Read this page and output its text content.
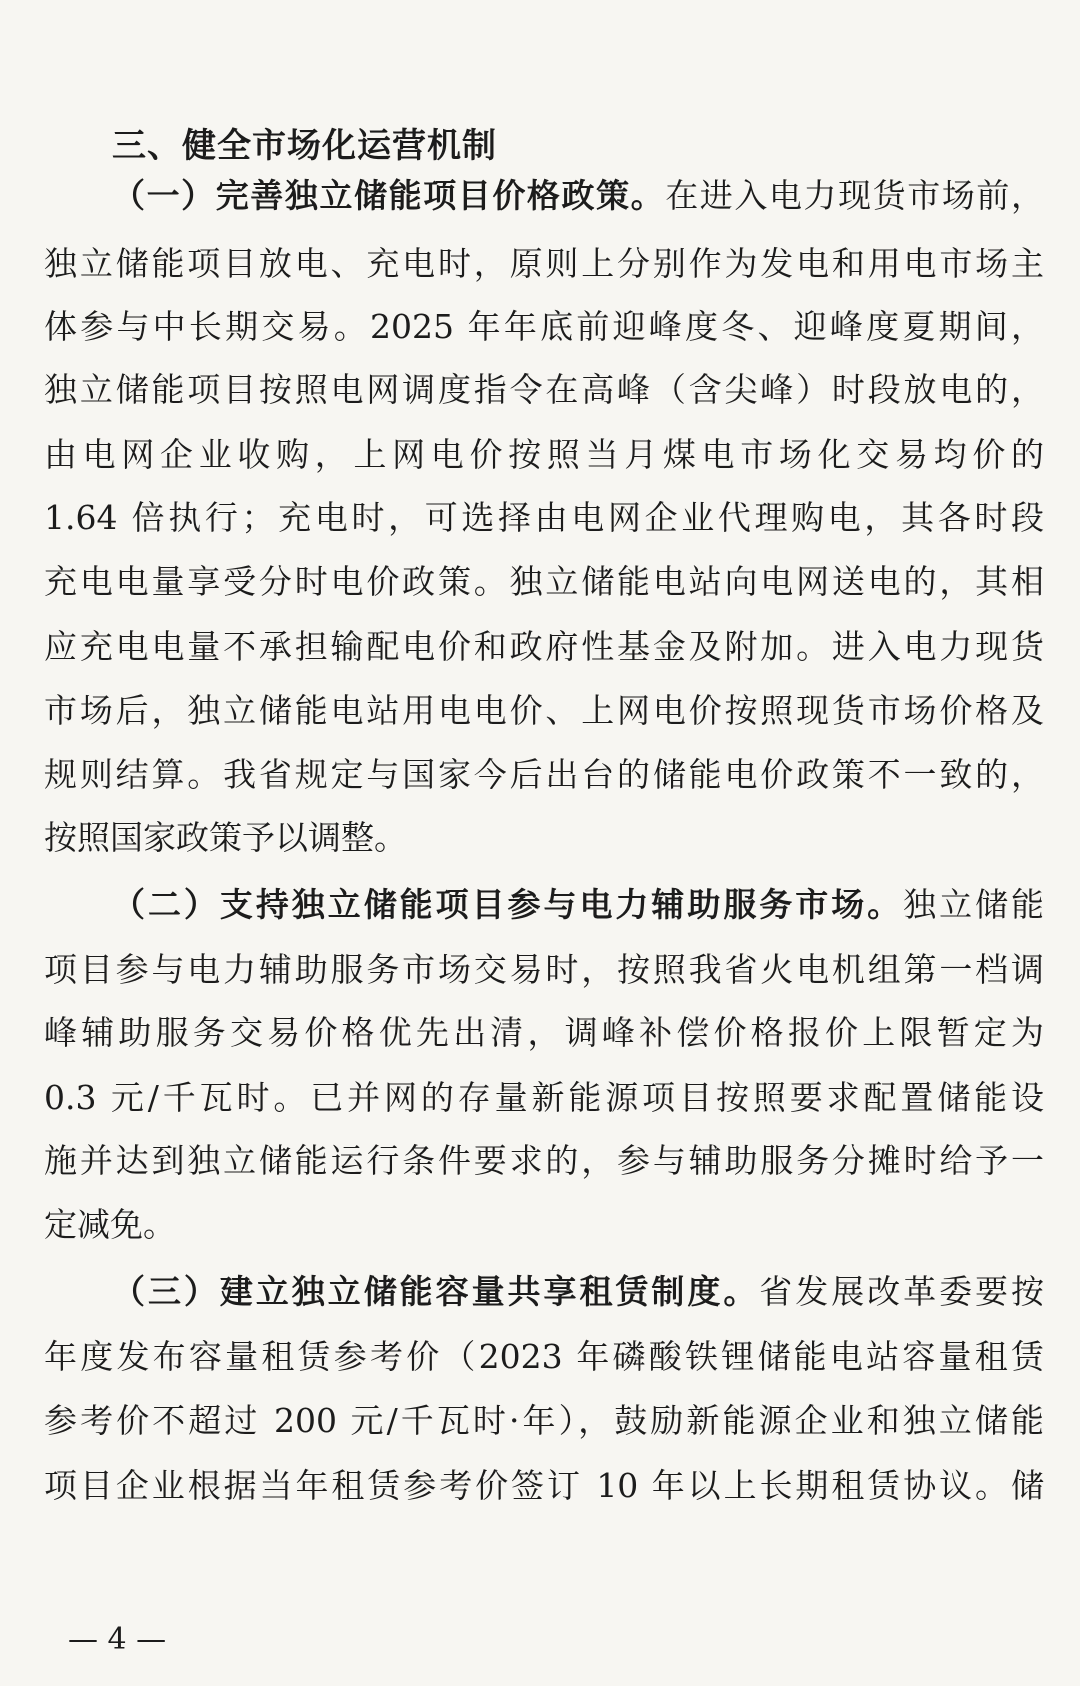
三、健全市场化运营机制
（一）完善独立储能项目价格政策。在进入电力现货市场前，
独立储能项目放电、充电时，原则上分别作为发电和用电市场主
体参与中长期交易。2025 年年底前迎峰度冬、迎峰度夏期间，
独立储能项目按照电网调度指令在高峰（含尖峰）时段放电的，
由电网企业收购，上网电价按照当月煤电市场化交易均价的
1.64 倍执行；充电时，可选择由电网企业代理购电，其各时段
充电电量享受分时电价政策。独立储能电站向电网送电的，其相
应充电电量不承担输配电价和政府性基金及附加。进入电力现货
市场后，独立储能电站用电电价、上网电价按照现货市场价格及
规则结算。我省规定与国家今后出台的储能电价政策不一致的，
按照国家政策予以调整。
（二）支持独立储能项目参与电力辅助服务市场。独立储能
项目参与电力辅助服务市场交易时，按照我省火电机组第一档调
峰辅助服务交易价格优先出清，调峰补偿价格报价上限暂定为
0.3 元/千瓦时。已并网的存量新能源项目按照要求配置储能设
施并达到独立储能运行条件要求的，参与辅助服务分摊时给予一
定减免。
（三）建立独立储能容量共享租赁制度。省发展改革委要按
年度发布容量租赁参考价（2023 年磷酸铁锂储能电站容量租赁
参考价不超过 200 元/千瓦时·年），鼓励新能源企业和独立储能
项目企业根据当年租赁参考价签订 10 年以上长期租赁协议。储
— 4 —
